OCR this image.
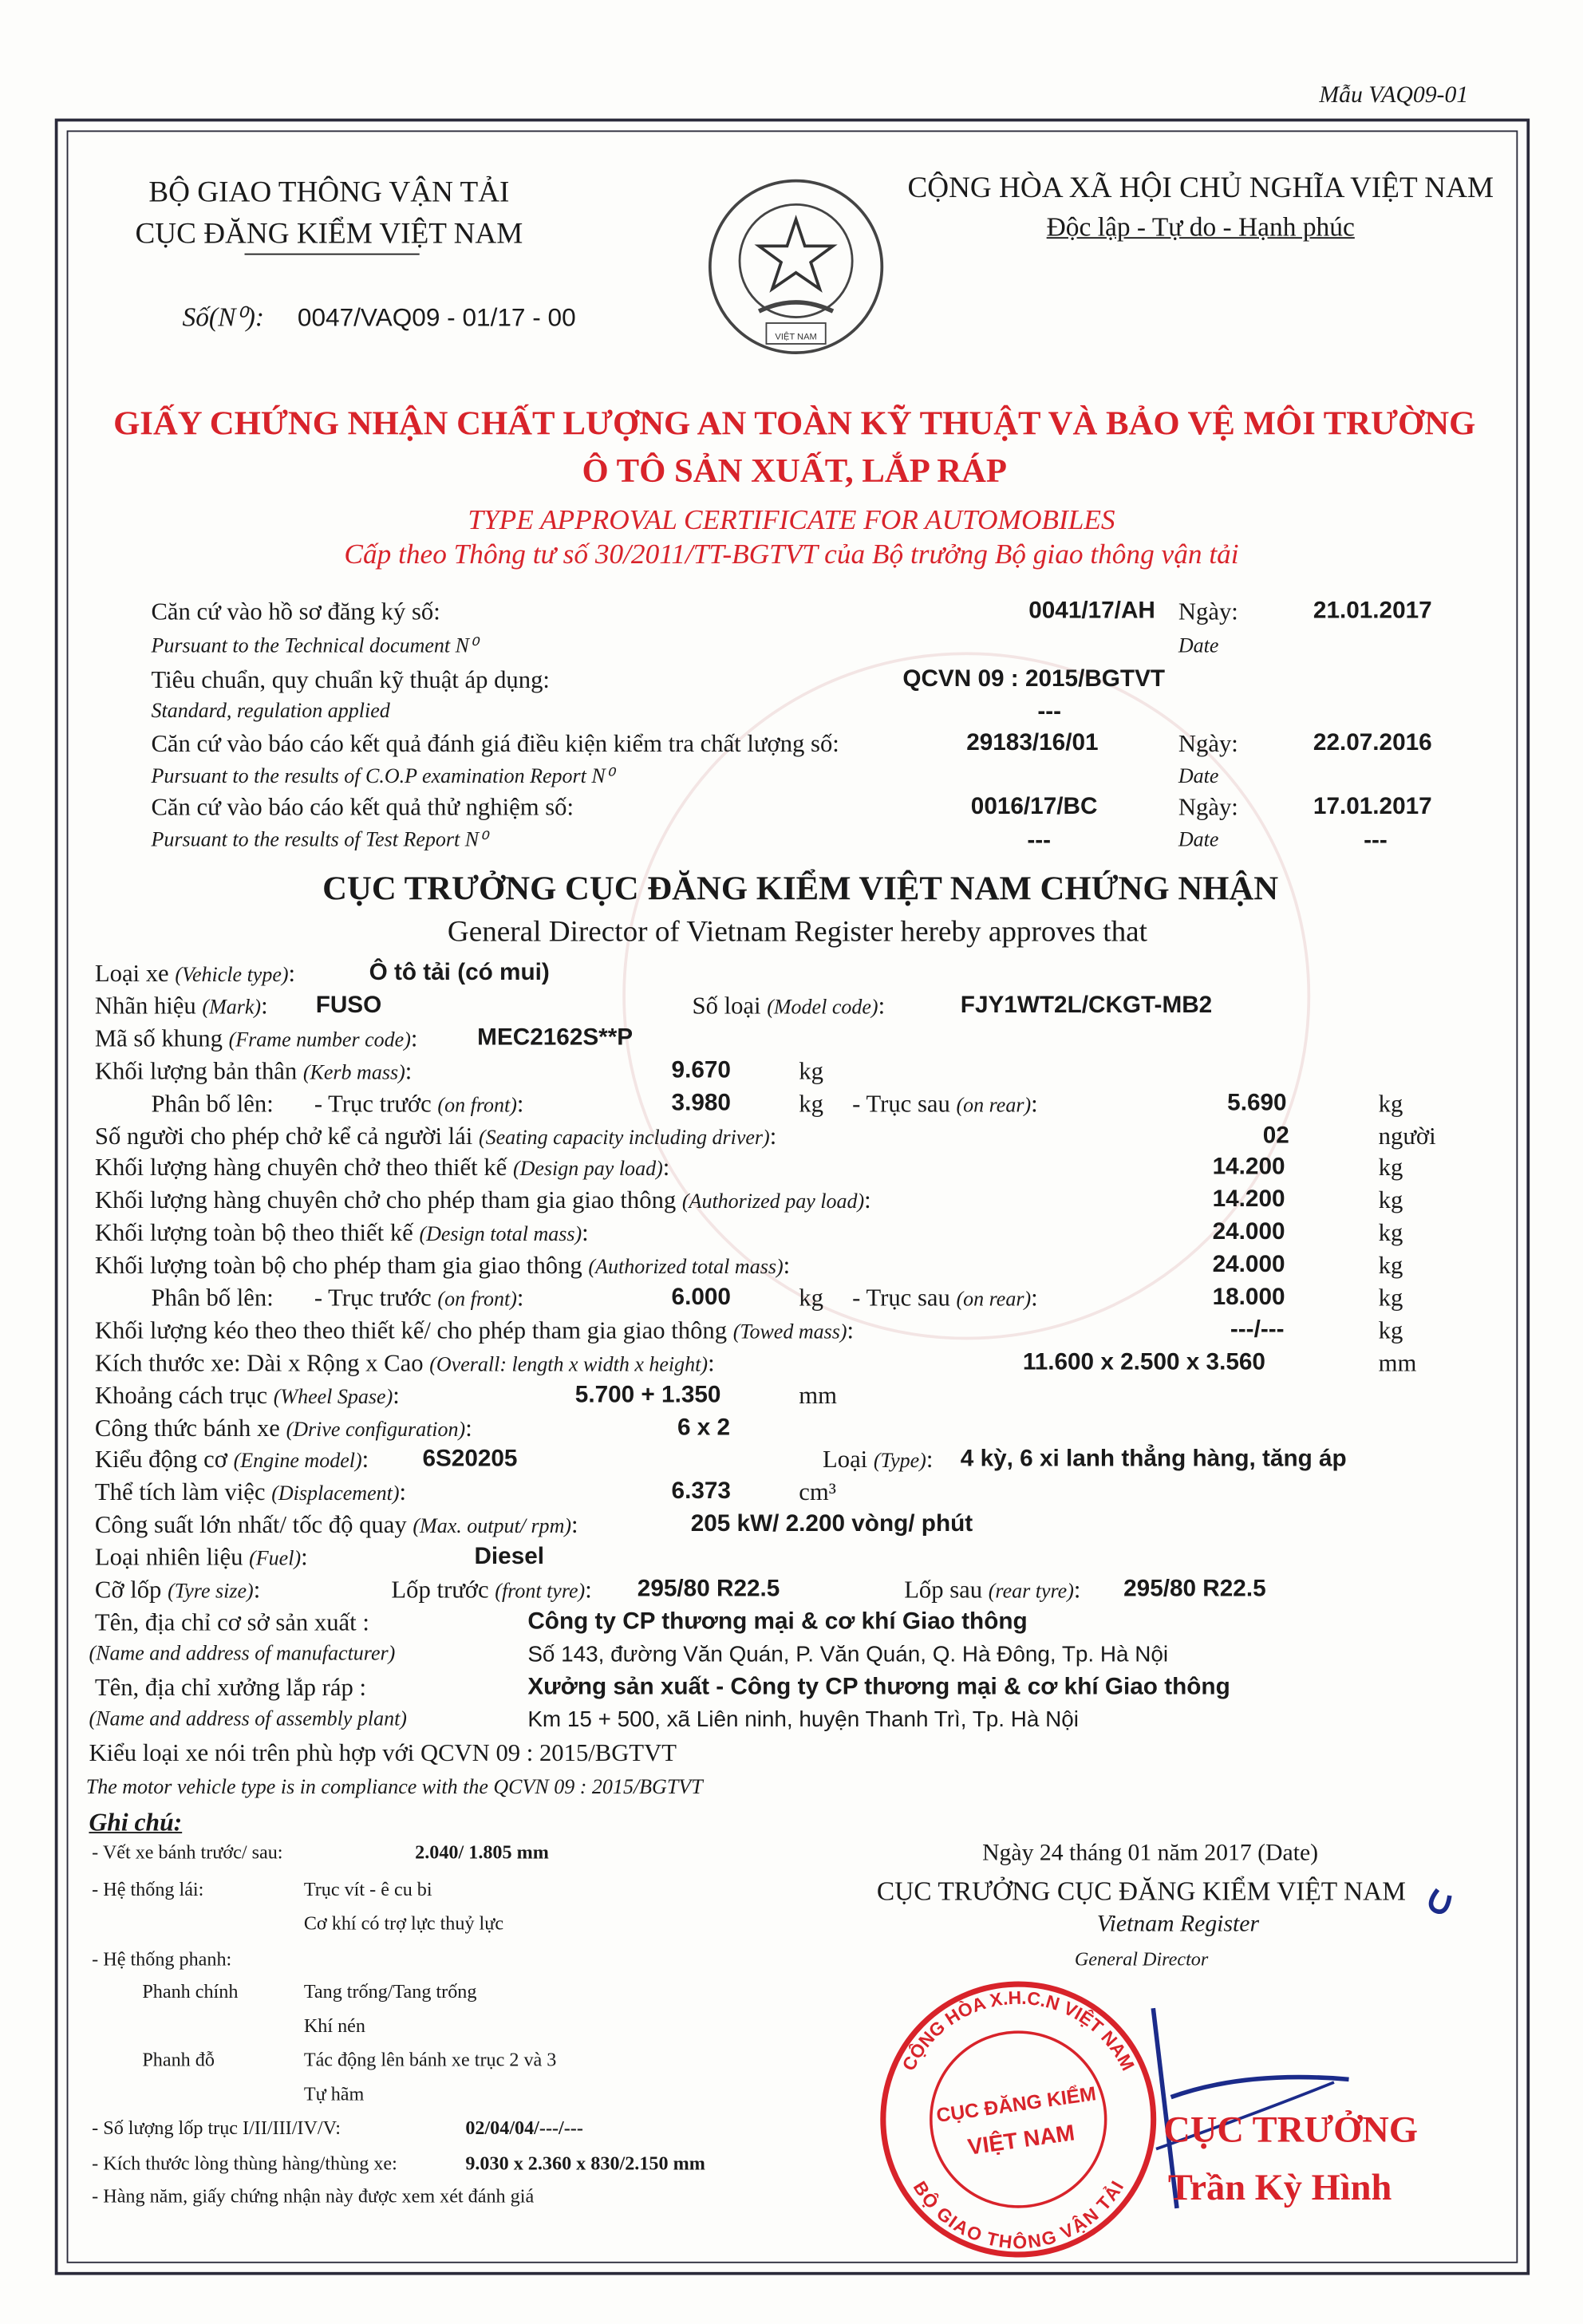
Mẫu VAQ09-01
BỘ GIAO THÔNG VẬN TẢI
CỤC ĐĂNG KIỂM VIỆT NAM
Số(N⁰): 0047/VAQ09 - 01/17 - 00
VIỆT NAM
CỘNG HÒA XÃ HỘI CHỦ NGHĨA VIỆT NAM
Độc lập - Tự do - Hạnh phúc
GIẤY CHỨNG NHẬN CHẤT LƯỢNG AN TOÀN KỸ THUẬT VÀ BẢO VỆ MÔI TRƯỜNG
Ô TÔ SẢN XUẤT, LẮP RÁP
TYPE APPROVAL CERTIFICATE FOR AUTOMOBILES
Cấp theo Thông tư số 30/2011/TT-BGTVT của Bộ trưởng Bộ giao thông vận tải
Căn cứ vào hồ sơ đăng ký số:	0041/17/AH Ngày:	21.01.2017
Pursuant to the Technical document N⁰	Date
Tiêu chuẩn, quy chuẩn kỹ thuật áp dụng:	QCVN 09 : 2015/BGTVT
Standard, regulation applied	---
Căn cứ vào báo cáo kết quả đánh giá điều kiện kiểm tra chất lượng số:	29183/16/01	Ngày:	22.07.2016
Pursuant to the results of C.O.P examination Report N⁰	Date
Căn cứ vào báo cáo kết quả thử nghiệm số:	0016/17/BC	Ngày:	17.01.2017
Pursuant to the results of Test Report N⁰	---	Date	---
CỤC TRƯỞNG CỤC ĐĂNG KIỂM VIỆT NAM CHỨNG NHẬN
General Director of Vietnam Register hereby approves that
Loại xe (Vehicle type):	Ô tô tải (có mui)
Nhãn hiệu (Mark):	FUSO	Số loại (Model code):	FJY1WT2L/CKGT-MB2
Mã số khung (Frame number code):	MEC2162S**P
Khối lượng bản thân (Kerb mass):	9.670	kg
Phân bố lên:	- Trục trước (on front):	3.980	kg - Trục sau (on rear):	5.690	kg
Số người cho phép chở kể cả người lái (Seating capacity including driver):	02	người
Khối lượng hàng chuyên chở theo thiết kế (Design pay load):	14.200	kg
Khối lượng hàng chuyên chở cho phép tham gia giao thông (Authorized pay load):	14.200	kg
Khối lượng toàn bộ theo thiết kế (Design total mass):	24.000	kg
Khối lượng toàn bộ cho phép tham gia giao thông (Authorized total mass):	24.000	kg
Phân bố lên:	- Trục trước (on front):	6.000	kg - Trục sau (on rear):	18.000	kg
Khối lượng kéo theo theo thiết kế/ cho phép tham gia giao thông (Towed mass):	---/---	kg
Kích thước xe: Dài x Rộng x Cao (Overall: length x width x height):	11.600 x 2.500 x 3.560	mm
Khoảng cách trục (Wheel Spase):	5.700 + 1.350	mm
Công thức bánh xe (Drive configuration):	6 x 2
Kiểu động cơ (Engine model):	6S20205	Loại (Type): 4 kỳ, 6 xi lanh thẳng hàng, tăng áp
Thể tích làm việc (Displacement):	6.373	cm³
Công suất lớn nhất/ tốc độ quay (Max. output/ rpm):	205 kW/ 2.200 vòng/ phút
Loại nhiên liệu (Fuel):	Diesel
Cỡ lốp (Tyre size):	Lốp trước (front tyre):	295/80 R22.5	Lốp sau (rear tyre):	295/80 R22.5
Tên, địa chỉ cơ sở sản xuất :	Công ty CP thương mại & cơ khí Giao thông
(Name and address of manufacturer)	Số 143, đường Văn Quán, P. Văn Quán, Q. Hà Đông, Tp. Hà Nội
Tên, địa chỉ xưởng lắp ráp :	Xưởng sản xuất - Công ty CP thương mại & cơ khí Giao thông
(Name and address of assembly plant)	Km 15 + 500, xã Liên ninh, huyện Thanh Trì, Tp. Hà Nội
Kiểu loại xe nói trên phù hợp với QCVN 09 : 2015/BGTVT
The motor vehicle type is in compliance with the QCVN 09 : 2015/BGTVT
Ghi chú:
- Vết xe bánh trước/ sau:	2.040/ 1.805 mm
- Hệ thống lái:	Trục vít - ê cu bi
Cơ khí có trợ lực thuỷ lực
- Hệ thống phanh:
Phanh chính	Tang trống/Tang trống
Khí nén
Phanh đỗ	Tác động lên bánh xe trục 2 và 3
Tự hãm
- Số lượng lốp trục I/II/III/IV/V:	02/04/04/---/---
- Kích thước lòng thùng hàng/thùng xe:	9.030 x 2.360 x 830/2.150 mm
- Hàng năm, giấy chứng nhận này được xem xét đánh giá
Ngày 24 tháng 01 năm 2017 (Date)
CỤC TRƯỞNG CỤC ĐĂNG KIỂM VIỆT NAM
Vietnam Register
General Director
CỘNG HÒA X.H.C.N VIỆT NAM
BỘ GIAO THÔNG VẬN TẢI
CỤC ĐĂNG KIỂM
VIỆT NAM	CỤC TRƯỞNG
Trần Kỳ Hình
